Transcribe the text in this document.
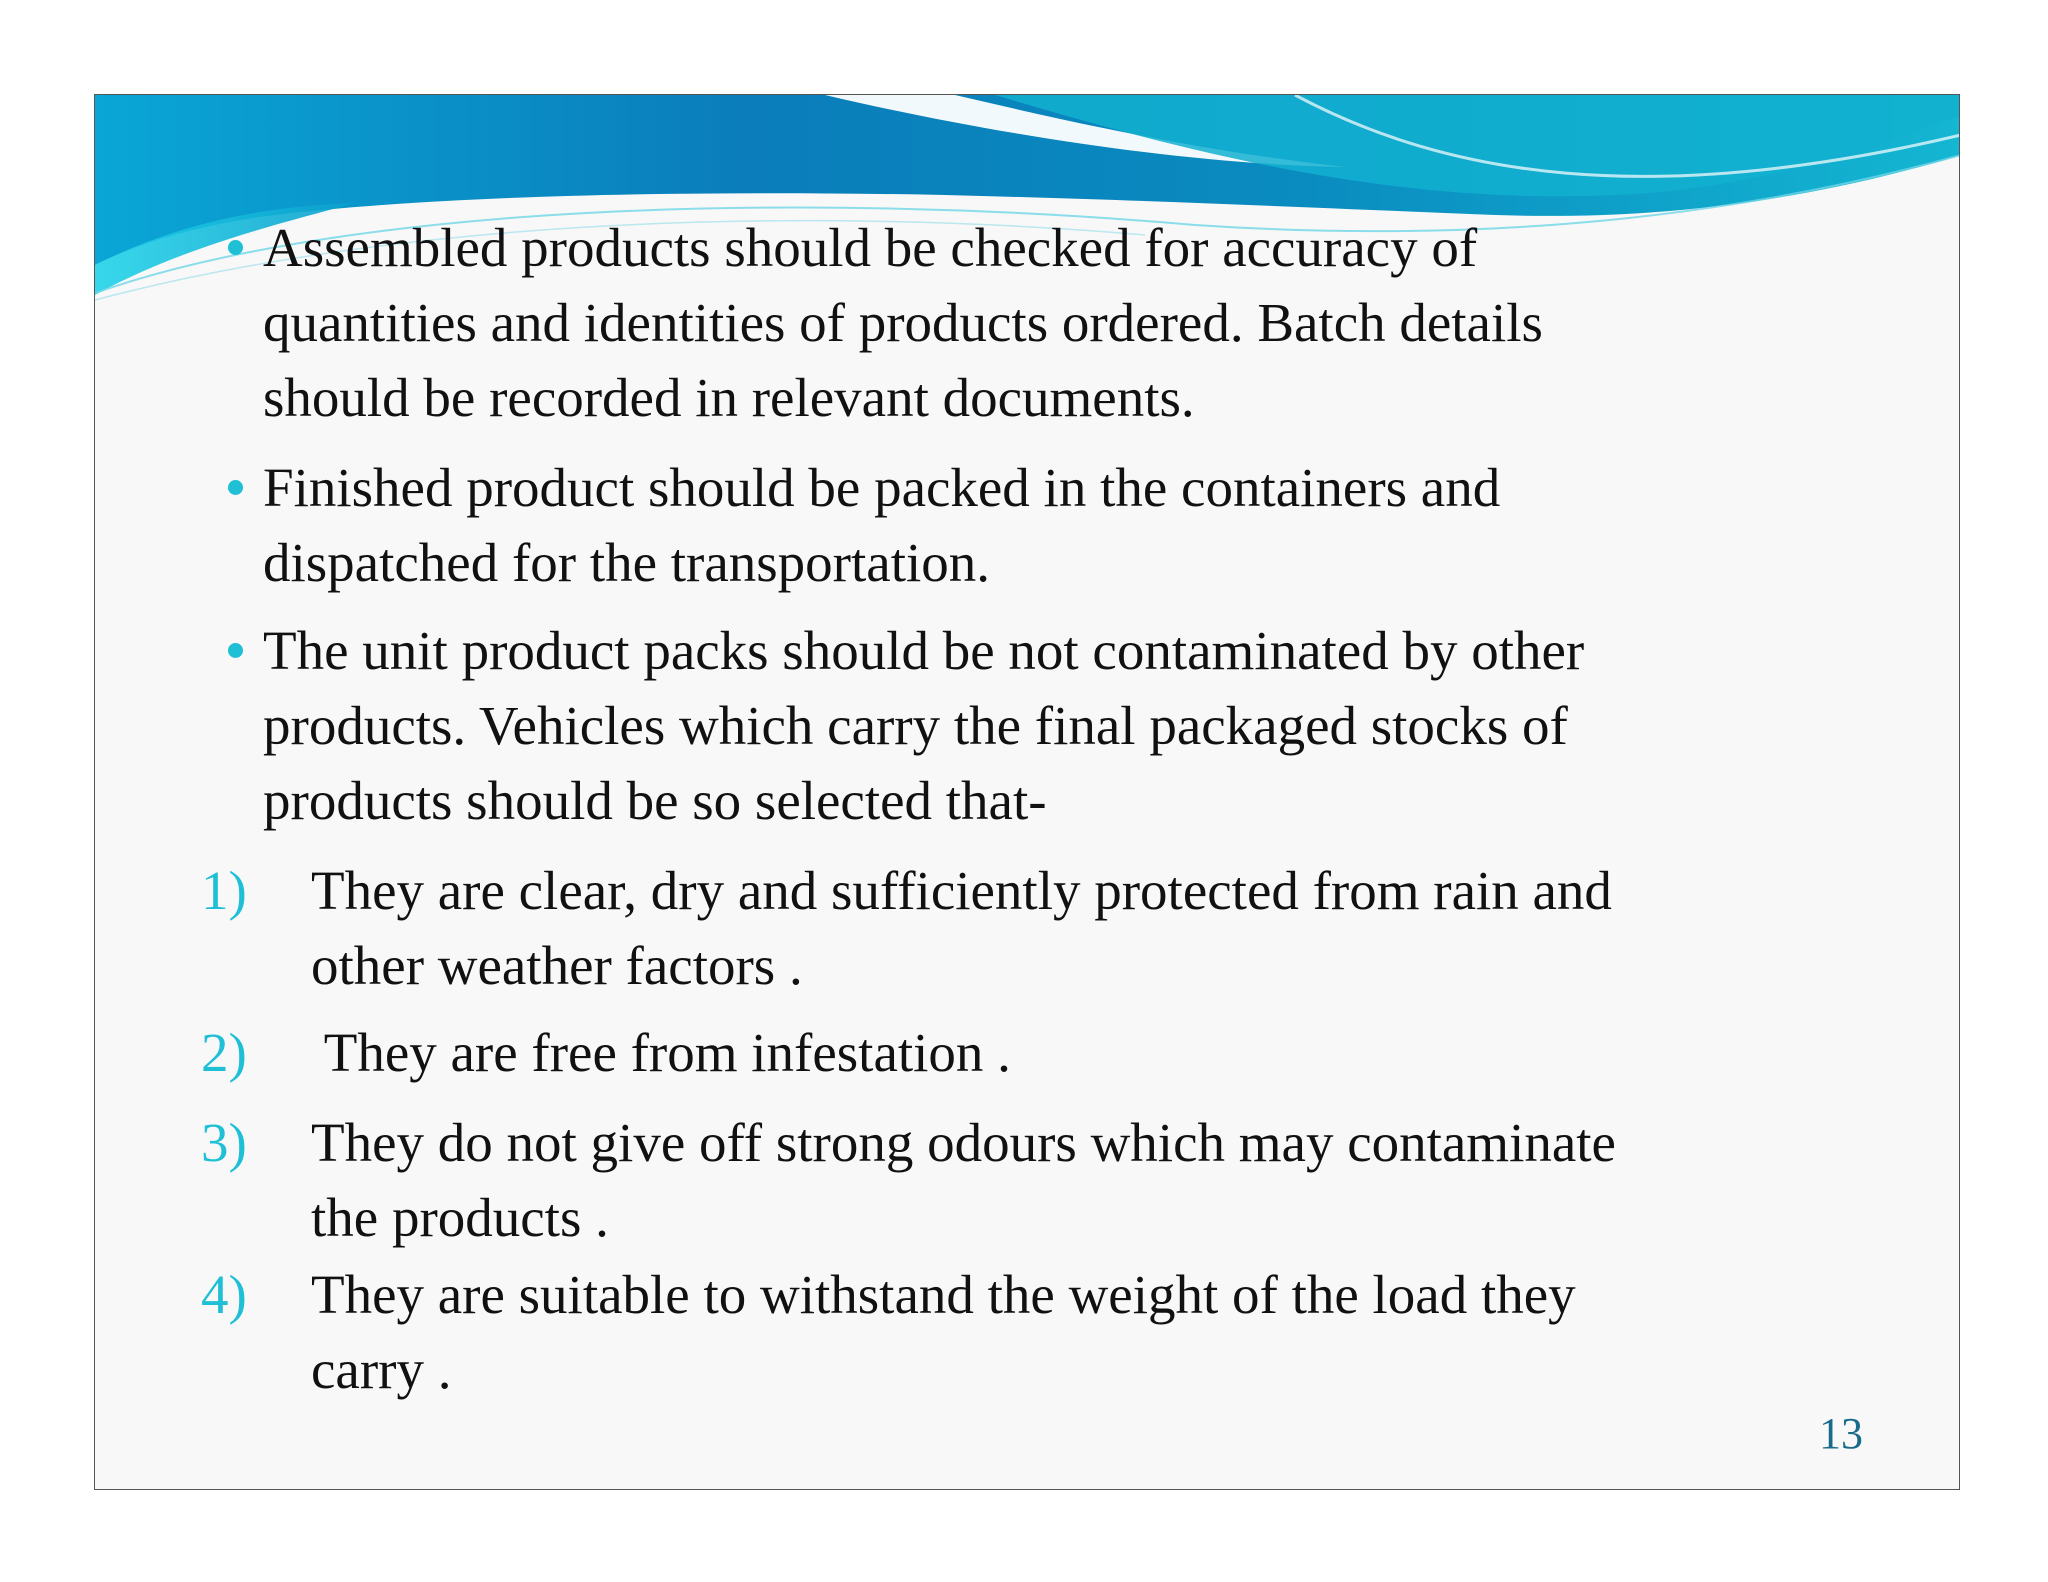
Assembled products should be checked for accuracy of
quantities and identities of products ordered. Batch details
should be recorded in relevant documents.
Finished product should be packed in the containers and
dispatched for the transportation.
The unit product packs should be not contaminated by other
products. Vehicles which carry the final packaged stocks of
products should be so selected that-
1) They are clear, dry and sufficiently protected from rain and
other weather factors .
2) They are free from infestation .
3) They do not give off strong odours which may contaminate
the products .
4) They are suitable to withstand the weight of the load they
carry .
13
